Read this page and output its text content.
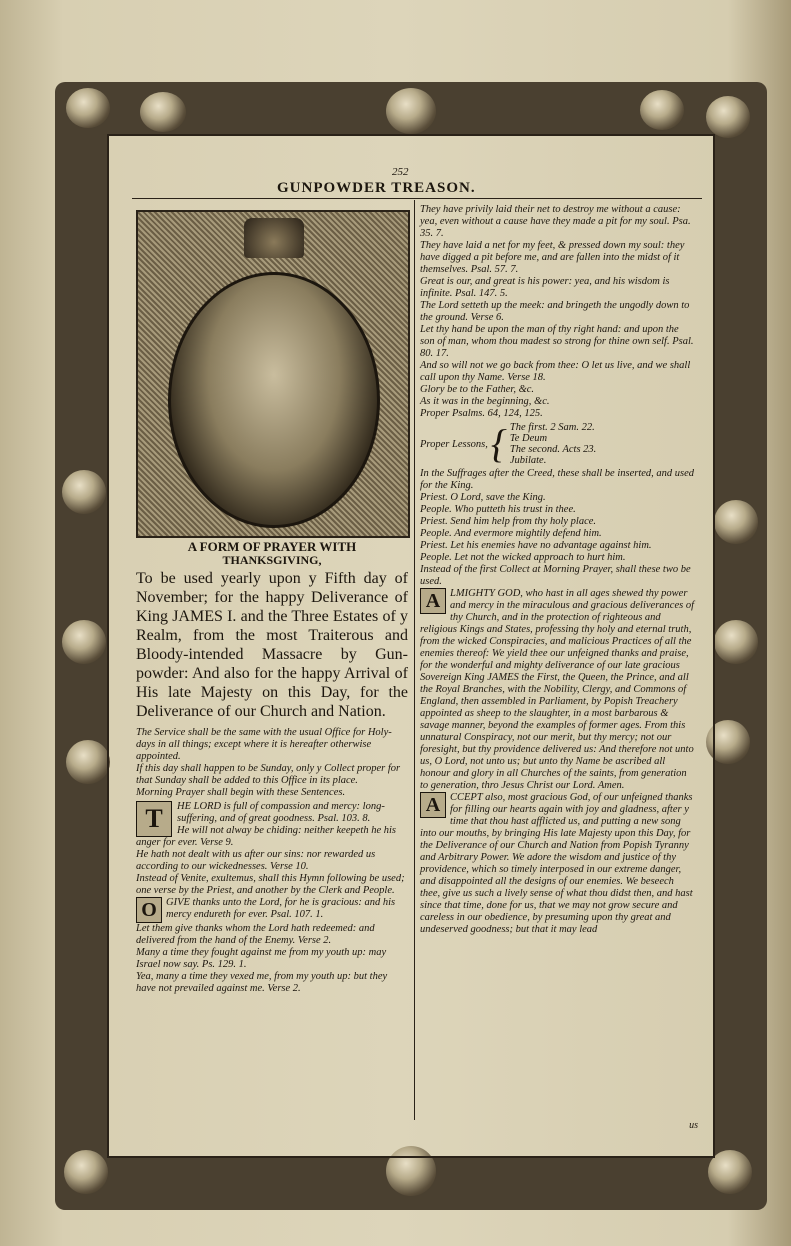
252
GUNPOWDER TREASON.

A FORM OF PRAYER WITH

THANKSGIVING,

To be used yearly upon y Fifth day of November; for the happy Deliverance of King JAMES I. and the Three Estates of y Realm, from the most Traiterous and Bloody-intended Massacre by Gun-powder: And also for the happy Arrival of His late Majesty on this Day, for the Deliverance of our Church and Nation.

The Service shall be the same with the usual Office for Holy-days in all things; except where it is hereafter otherwise appointed.

If this day shall happen to be Sunday, only y Collect proper for that Sunday shall be added to this Office in its place.

Morning Prayer shall begin with these Sentences.

T	HE LORD is full of compassion and mercy: long-suffering, and of great goodness. Psal. 103. 8.

He will not alway be chiding: neither keepeth he his anger for ever. Verse 9.

He hath not dealt with us after our sins: nor rewarded us according to our wickednesses. Verse 10.

Instead of Venite, exultemus, shall this Hymn following be used; one verse by the Priest, and another by the Clerk and People.

O GIVE thanks unto the Lord, for he is gracious: and his mercy endureth for ever. Psal. 107. 1.

Let them give thanks whom the Lord hath redeemed: and delivered from the hand of the Enemy. Verse 2.

Many a time they fought against me from my youth up: may Israel now say. Ps. 129. 1.

Yea, many a time they vexed me, from my youth up: but they have not prevailed against me. Verse 2.

They have privily laid their net to destroy me without a cause: yea, even without a cause have they made a pit for my soul. Psa. 35. 7.

They have laid a net for my feet, & pressed down my soul: they have digged a pit before me, and are fallen into the midst of it themselves. Psal. 57. 7.

Great is our, and great is his power: yea, and his wisdom is infinite. Psal. 147. 5.

The Lord setteth up the meek: and bringeth the ungodly down to the ground. Verse 6.

Let thy hand be upon the man of thy right hand: and upon the son of man, whom thou madest so strong for thine own self. Psal. 80. 17.

And so will not we go back from thee: O let us live, and we shall call upon thy Name. Verse 18.

Glory be to the Father, &c.

As it was in the beginning, &c.

Proper Psalms. 64, 124, 125.

Proper Lessons, { The first. 2 Sam. 22.
Te Deum
The second. Acts 23.
Jubilate.

In the Suffrages after the Creed, these shall be inserted, and used for the King.

Priest. O Lord, save the King.

People. Who putteth his trust in thee.

Priest. Send him help from thy holy place.

People. And evermore mightily defend him.

Priest. Let his enemies have no advantage against him.

People. Let not the wicked approach to hurt him.

Instead of the first Collect at Morning Prayer, shall these two be used.

A LMIGHTY GOD, who hast in all ages shewed thy power and mercy in the miraculous and gracious deliverances of thy Church, and in the protection of righteous and religious Kings and States, professing thy holy and eternal truth, from the wicked Conspiracies, and malicious Practices of all the enemies thereof: We yield thee our unfeigned thanks and praise, for the wonderful and mighty deliverance of our late gracious Sovereign King JAMES the First, the Queen, the Prince, and all the Royal Branches, with the Nobility, Clergy, and Commons of England, then assembled in Parliament, by Popish Treachery appointed as sheep to the slaughter, in a most barbarous & savage manner, beyond the examples of former ages. From this unnatural Conspiracy, not our merit, but thy mercy; not our foresight, but thy providence delivered us: And therefore not unto us, O Lord, not unto us; but unto thy Name be ascribed all honour and glory in all Churches of the saints, from generation to generation, thro Jesus Christ our Lord. Amen.

A CCEPT also, most gracious God, of our unfeigned thanks for filling our hearts again with joy and gladness, after y time that thou hast afflicted us, and putting a new song into our mouths, by bringing His late Majesty upon this Day, for the Deliverance of our Church and Nation from Popish Tyranny and Arbitrary Power. We adore the wisdom and justice of thy providence, which so timely interposed in our extreme danger, and disappointed all the designs of our enemies. We beseech thee, give us such a lively sense of what thou didst then, and hast since that time, done for us, that we may not grow secure and careless in our obedience, by presuming upon thy great and undeserved goodness; but that it may lead

us
